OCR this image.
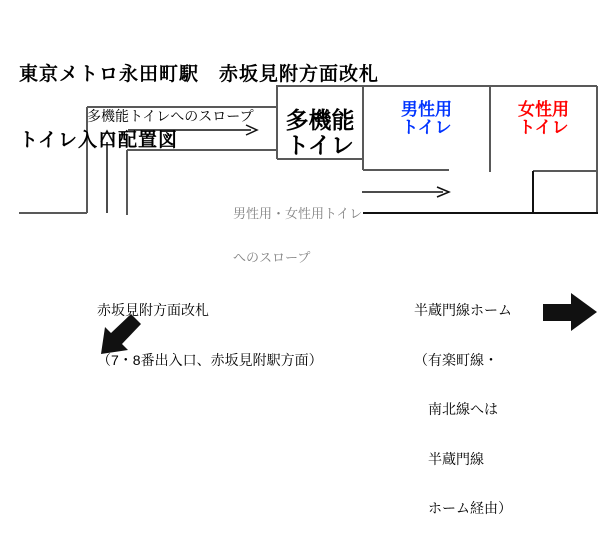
東京メトロ永田町駅　赤坂見附方面改札

トイレ入口配置図

多機能トイレへのスロープ	多機能
トイレ
男性用
トイレ
女性用
トイレ

男性用・女性用トイレ

へのスロープ

赤坂見附方面改札

（7・8番出入口、赤坂見附駅方面）

半蔵門線ホーム

（有楽町線・

　南北線へは

　半蔵門線

　ホーム経由）
